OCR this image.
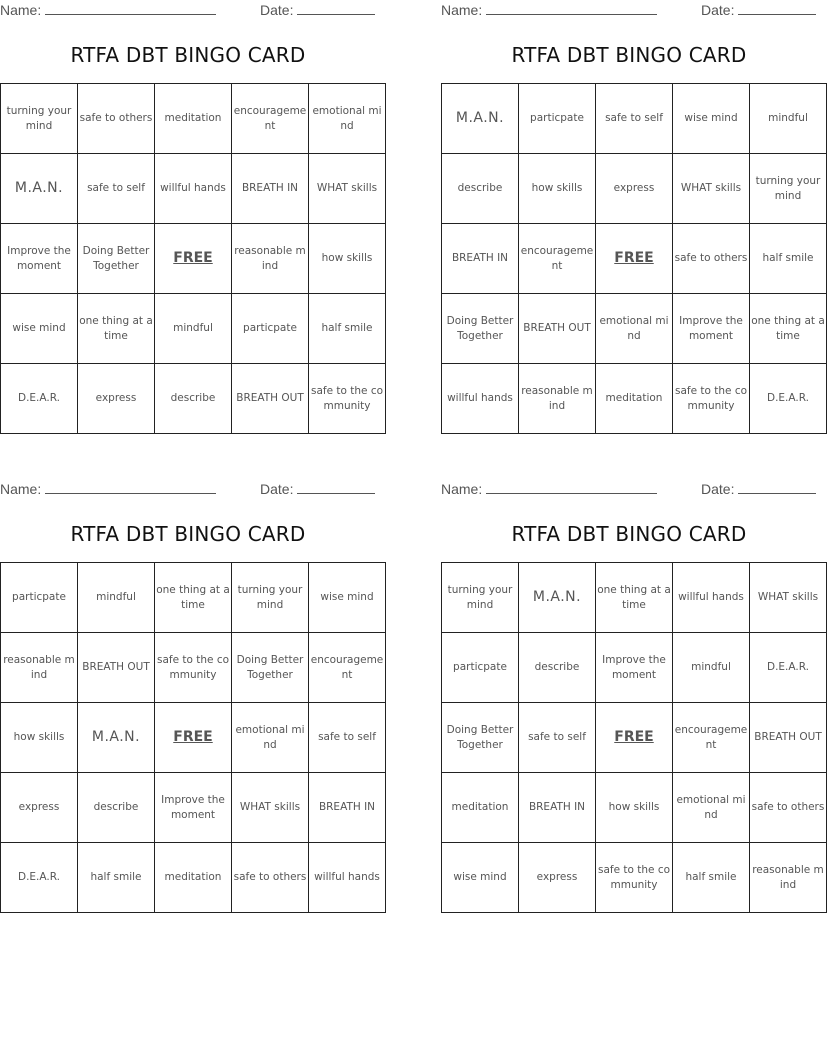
Name:	Date:
RTFA DBT BINGO CARD
turning your mind	safe to others	meditation	encouragement	emotional mind
M.A.N.	safe to self	willful hands	BREATH IN	WHAT skills
Improve the moment	Doing Better Together	FREE	reasonable mind	how skills
wise mind	one thing at a time	mindful	particpate	half smile
D.E.A.R.	express	describe	BREATH OUT	safe to the community
Name:	Date:
RTFA DBT BINGO CARD
M.A.N.	particpate	safe to self	wise mind	mindful
describe	how skills	express	WHAT skills	turning your mind
BREATH IN	encouragement	FREE	safe to others	half smile
Doing Better Together	BREATH OUT	emotional mind	Improve the moment	one thing at a time
willful hands	reasonable mind	meditation	safe to the community	D.E.A.R.
Name:	Date:
RTFA DBT BINGO CARD
particpate	mindful	one thing at a time	turning your mind	wise mind
reasonable mind	BREATH OUT	safe to the community	Doing Better Together	encouragement
how skills	M.A.N.	FREE	emotional mind	safe to self
express	describe	Improve the moment	WHAT skills	BREATH IN
D.E.A.R.	half smile	meditation	safe to others	willful hands
Name:	Date:
RTFA DBT BINGO CARD
turning your mind	M.A.N.	one thing at a time	willful hands	WHAT skills
particpate	describe	Improve the moment	mindful	D.E.A.R.
Doing Better Together	safe to self	FREE	encouragement	BREATH OUT
meditation	BREATH IN	how skills	emotional mind	safe to others
wise mind	express	safe to the community	half smile	reasonable mind
